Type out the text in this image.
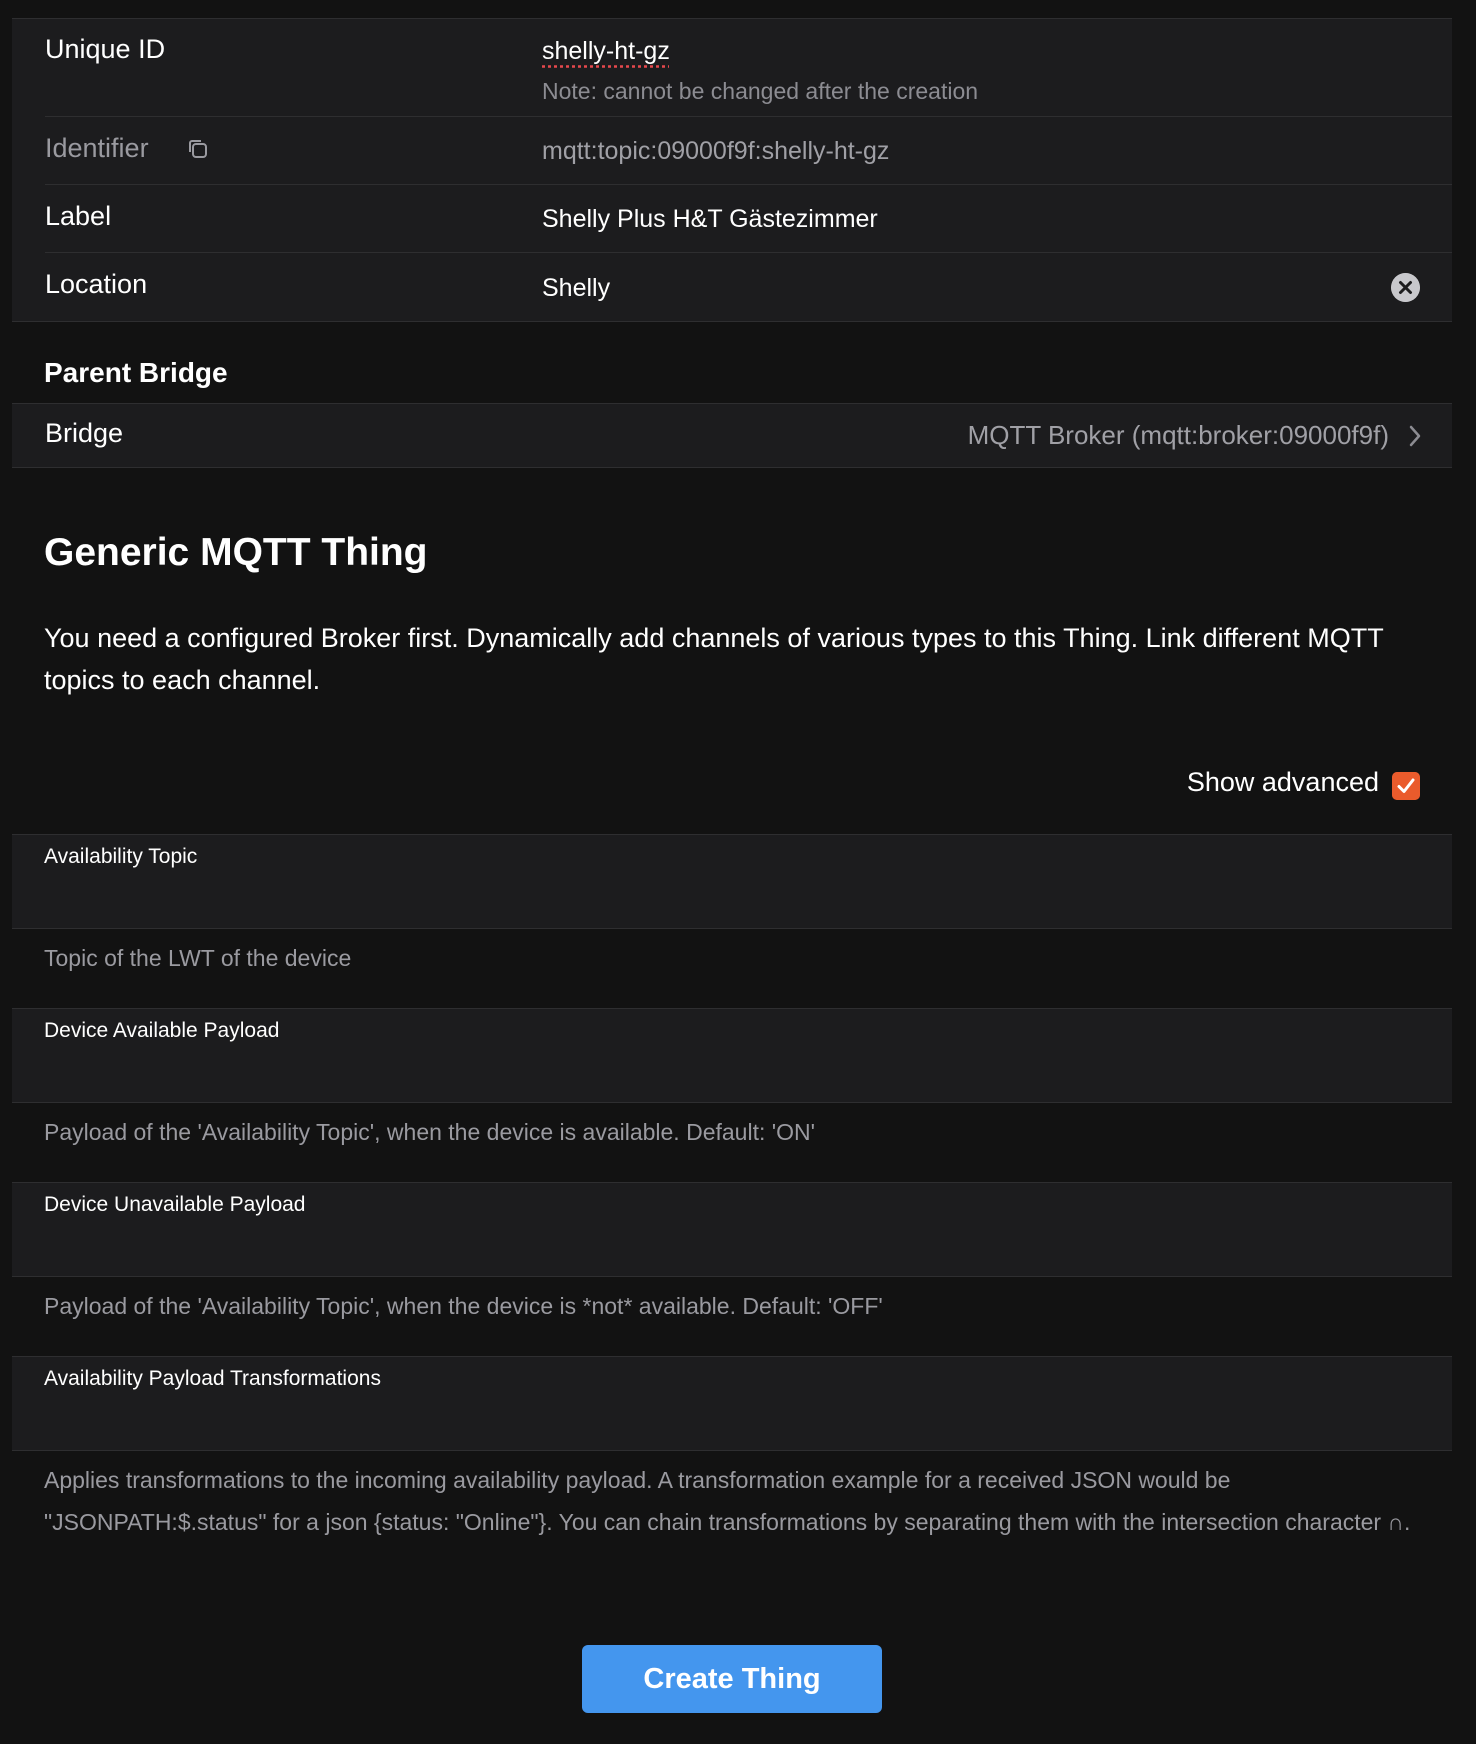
Unique ID	shelly-ht-gz
Note: cannot be changed after the creation
Identifier	mqtt:topic:09000f9f:shelly-ht-gz
Label	Shelly Plus H&T Gästezimmer
Location	Shelly
Parent Bridge
Bridge	MQTT Broker (mqtt:broker:09000f9f)
Generic MQTT Thing
You need a configured Broker first. Dynamically add channels of various types to this Thing. Link different MQTT topics to each channel.
Show advanced
Availability Topic
Topic of the LWT of the device
Device Available Payload
Payload of the 'Availability Topic', when the device is available. Default: 'ON'
Device Unavailable Payload
Payload of the 'Availability Topic', when the device is *not* available. Default: 'OFF'
Availability Payload Transformations
Applies transformations to the incoming availability payload. A transformation example for a received JSON would be "JSONPATH:$.status" for a json {status: "Online"}. You can chain transformations by separating them with the intersection character ∩.
Create Thing
